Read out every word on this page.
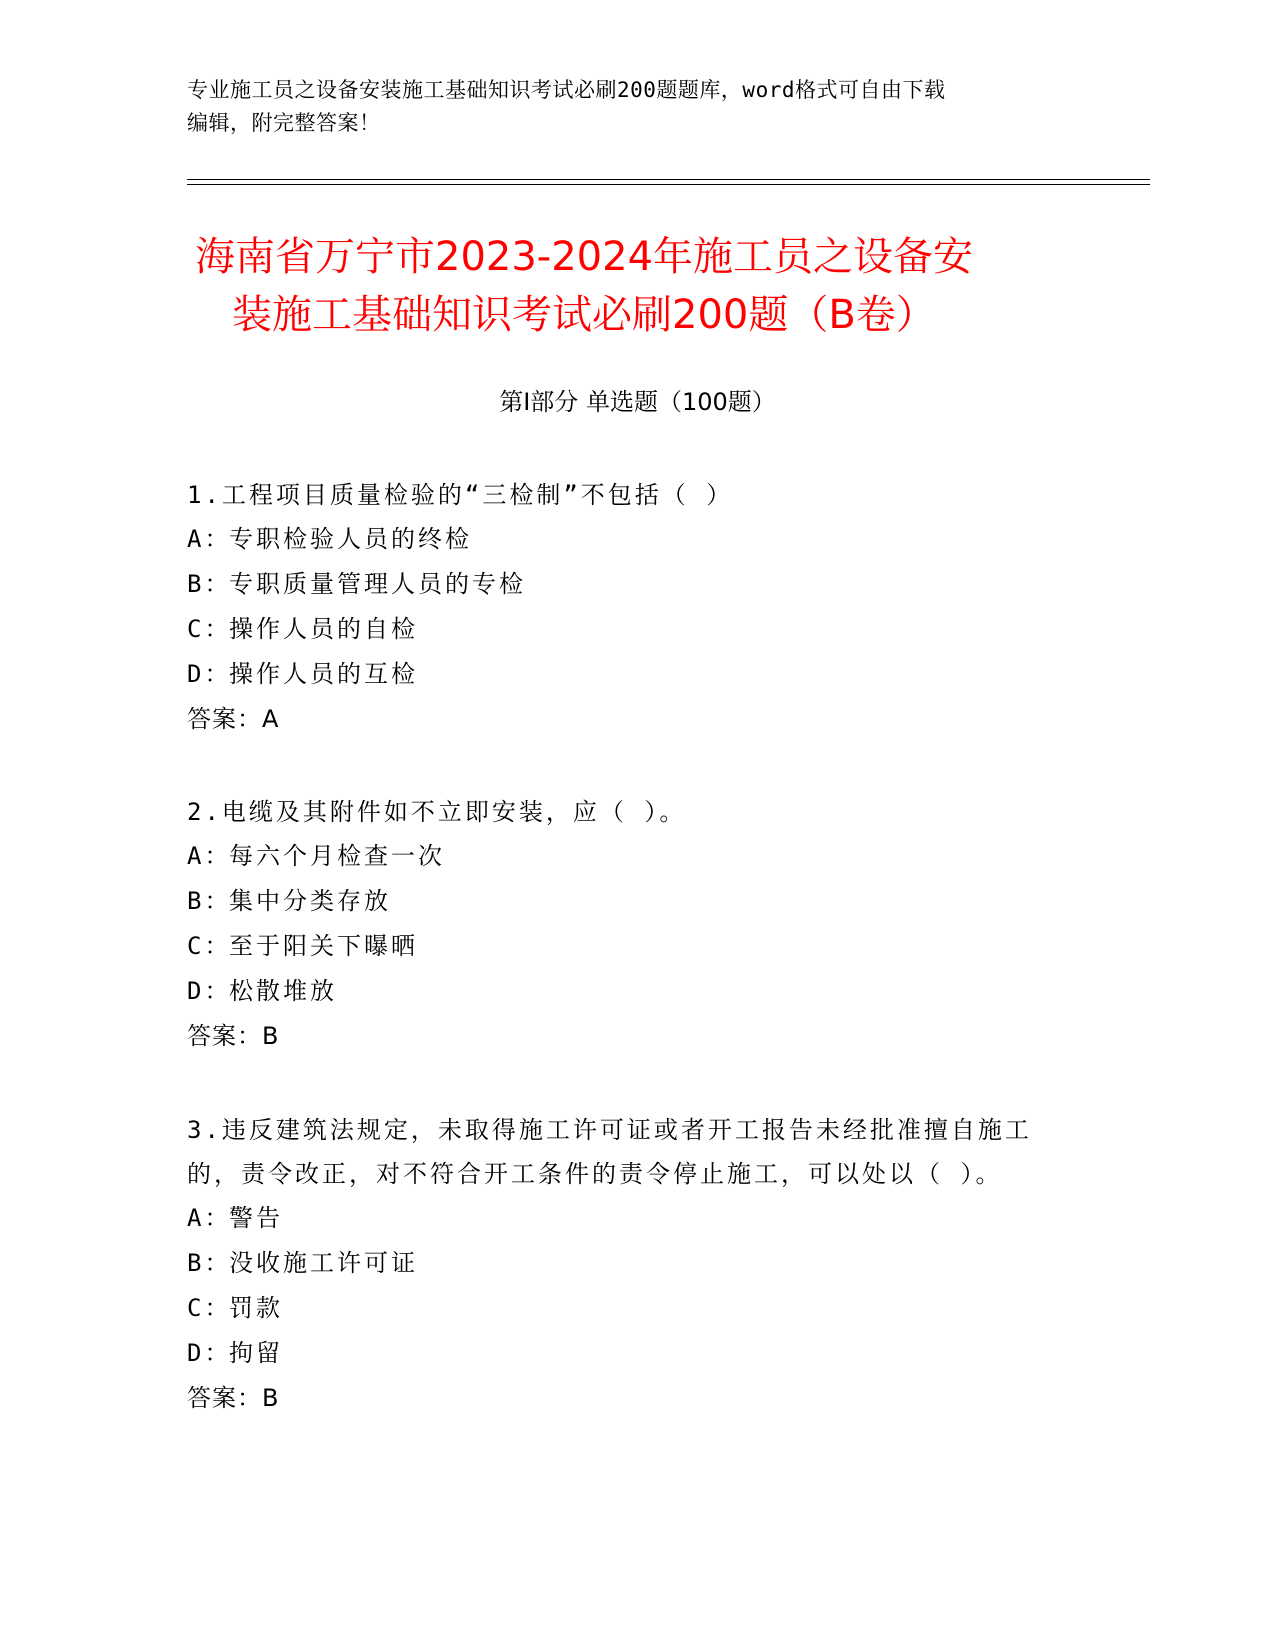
专业施工员之设备安装施工基础知识考试必刷200题题库，word格式可自由下载
编辑，附完整答案！
海南省万宁市2023-2024年施工员之设备安
装施工基础知识考试必刷200题（B卷）
第Ⅰ部分 单选题（100题）
1.工程项目质量检验的“三检制”不包括（ ）
A：专职检验人员的终检
B：专职质量管理人员的专检
C：操作人员的自检
D：操作人员的互检
答案：A
2.电缆及其附件如不立即安装，应（ ）。
A：每六个月检查一次
B：集中分类存放
C：至于阳关下曝晒
D：松散堆放
答案：B
3.违反建筑法规定，未取得施工许可证或者开工报告未经批准擅自施工的，责令改正，对不符合开工条件的责令停止施工，可以处以（ ）。
A：警告
B：没收施工许可证
C：罚款
D：拘留
答案：B
